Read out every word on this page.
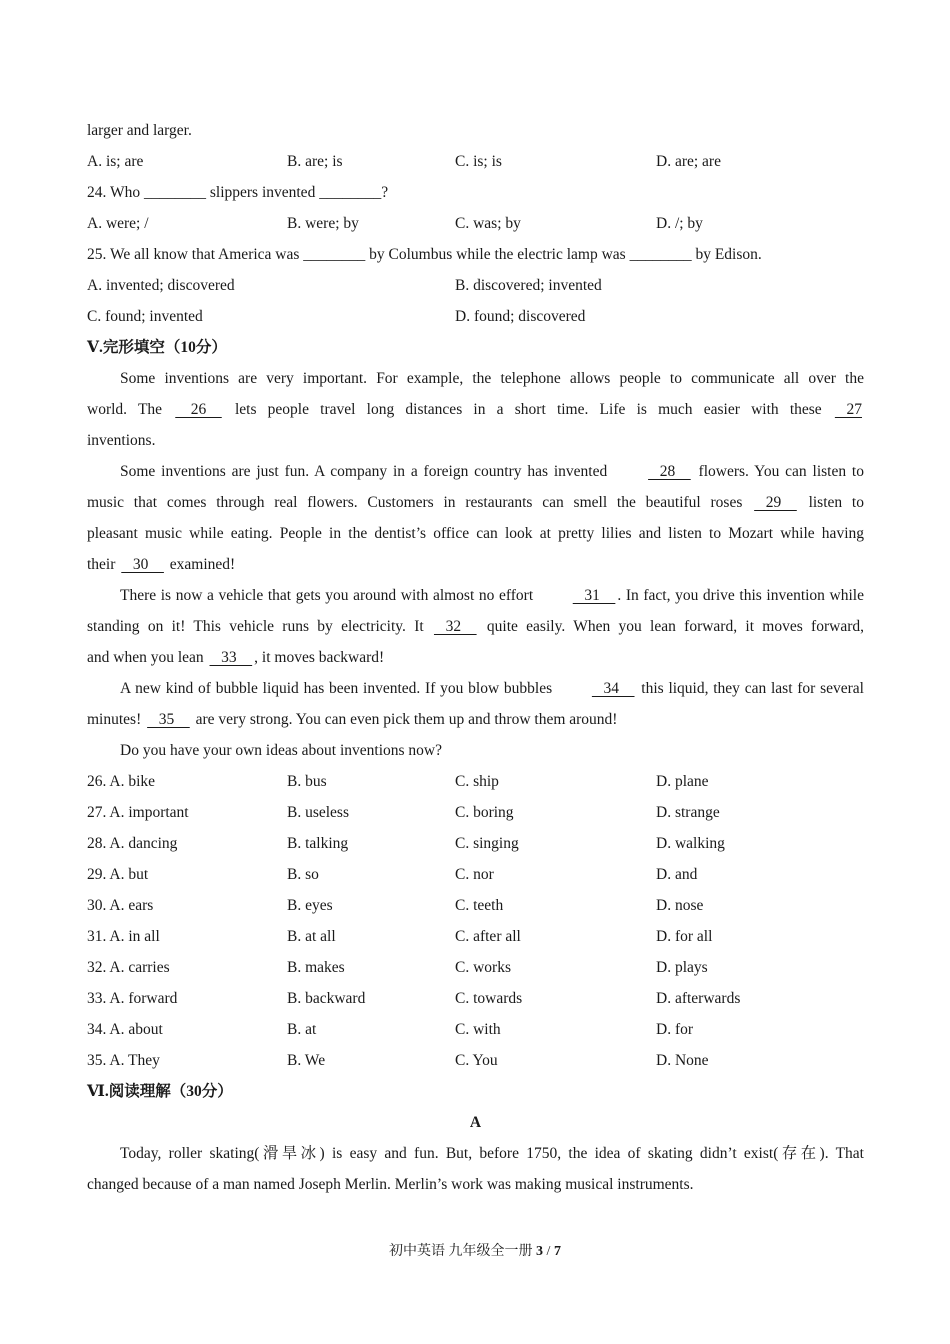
larger and larger.
A. is; are	B. are; is	C. is; is	D. are; are
24. Who ________ slippers invented ________?
A. were; /	B. were; by	C. was; by	D. /; by
25. We all know that America was ________ by Columbus while the electric lamp was ________ by Edison.
A. invented; discovered	B. discovered; invented
C. found; invented	D. found; discovered
Ⅴ.完形填空（10分）
Some inventions are very important. For example, the telephone allows people to communicate all over the
world. The     26     lets people travel long distances in a short time. Life is much easier with these    27
inventions.
Some inventions are just fun. A company in a foreign country has invented    28     flowers. You can listen to
music that comes through real flowers. Customers in restaurants can smell the beautiful roses    29     listen to
pleasant music while eating. People in the dentist’s office can look at pretty lilies and listen to Mozart while having
their    30     examined!
There is now a vehicle that gets you around with almost no effort    31    . In fact, you drive this invention while
standing on it! This vehicle runs by electricity. It    32     quite easily. When you lean forward, it moves forward,
and when you lean    33    , it moves backward!
A new kind of bubble liquid has been invented. If you blow bubbles    34     this liquid, they can last for several
minutes!    35     are very strong. You can even pick them up and throw them around!
Do you have your own ideas about inventions now?
26. A. bike	B. bus	C. ship	D. plane
27. A. important	B. useless	C. boring	D. strange
28. A. dancing	B. talking	C. singing	D. walking
29. A. but	B. so	C. nor	D. and
30. A. ears	B. eyes	C. teeth	D. nose
31. A. in all	B. at all	C. after all	D. for all
32. A. carries	B. makes	C. works	D. plays
33. A. forward	B. backward	C. towards	D. afterwards
34. A. about	B. at	C. with	D. for
35. A. They	B. We	C. You	D. None
Ⅵ.阅读理解（30分）
A
Today, roller skating(滑旱冰) is easy and fun. But, before 1750, the idea of skating didn’t exist(存在). That
changed because of a man named Joseph Merlin. Merlin’s work was making musical instruments.
初中英语 九年级全一册 3 / 7
